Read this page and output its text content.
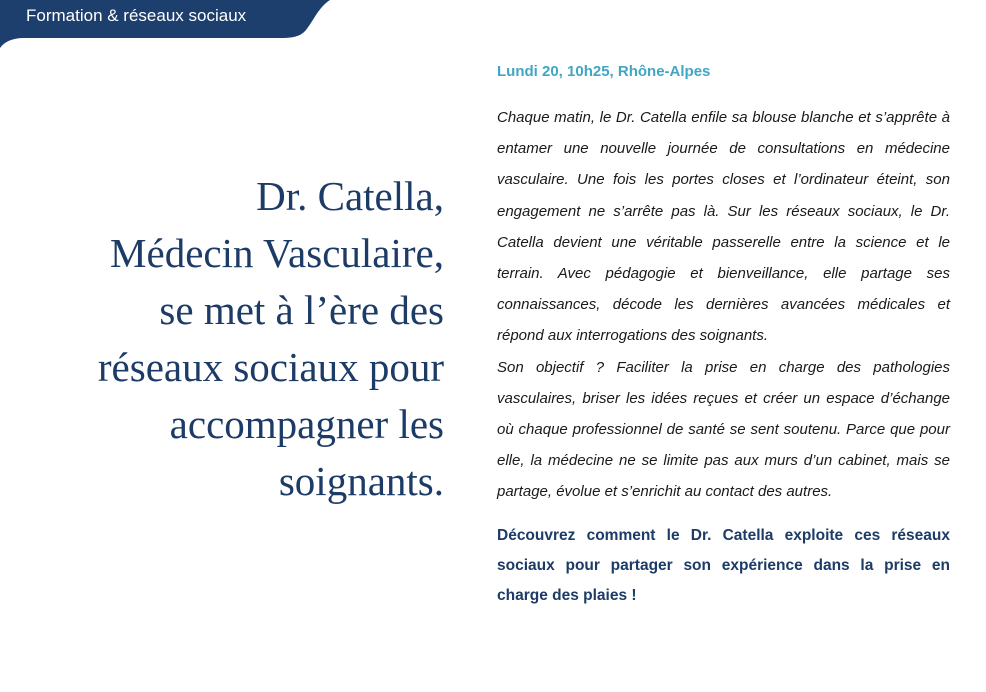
Formation & réseaux sociaux
Dr. Catella,
Médecin Vasculaire,
se met à l’ère des
réseaux sociaux pour
accompagner les
soignants.
Lundi 20, 10h25, Rhône-Alpes

Chaque matin, le Dr. Catella enfile sa blouse blanche et s’apprête à entamer une nouvelle journée de consultations en médecine vasculaire. Une fois les portes closes et l’ordinateur éteint, son engagement ne s’arrête pas là. Sur les réseaux sociaux, le Dr. Catella devient une véritable passerelle entre la science et le terrain. Avec pédagogie et bienveillance, elle partage ses connaissances, décode les dernières avancées médicales et répond aux interrogations des soignants.

Son objectif ? Faciliter la prise en charge des pathologies vasculaires, briser les idées reçues et créer un espace d’échange où chaque professionnel de santé se sent soutenu. Parce que pour elle, la médecine ne se limite pas aux murs d’un cabinet, mais se partage, évolue et s’enrichit au contact des autres.

Découvrez comment le Dr. Catella exploite ces réseaux sociaux pour partager son expérience dans la prise en charge des plaies !
